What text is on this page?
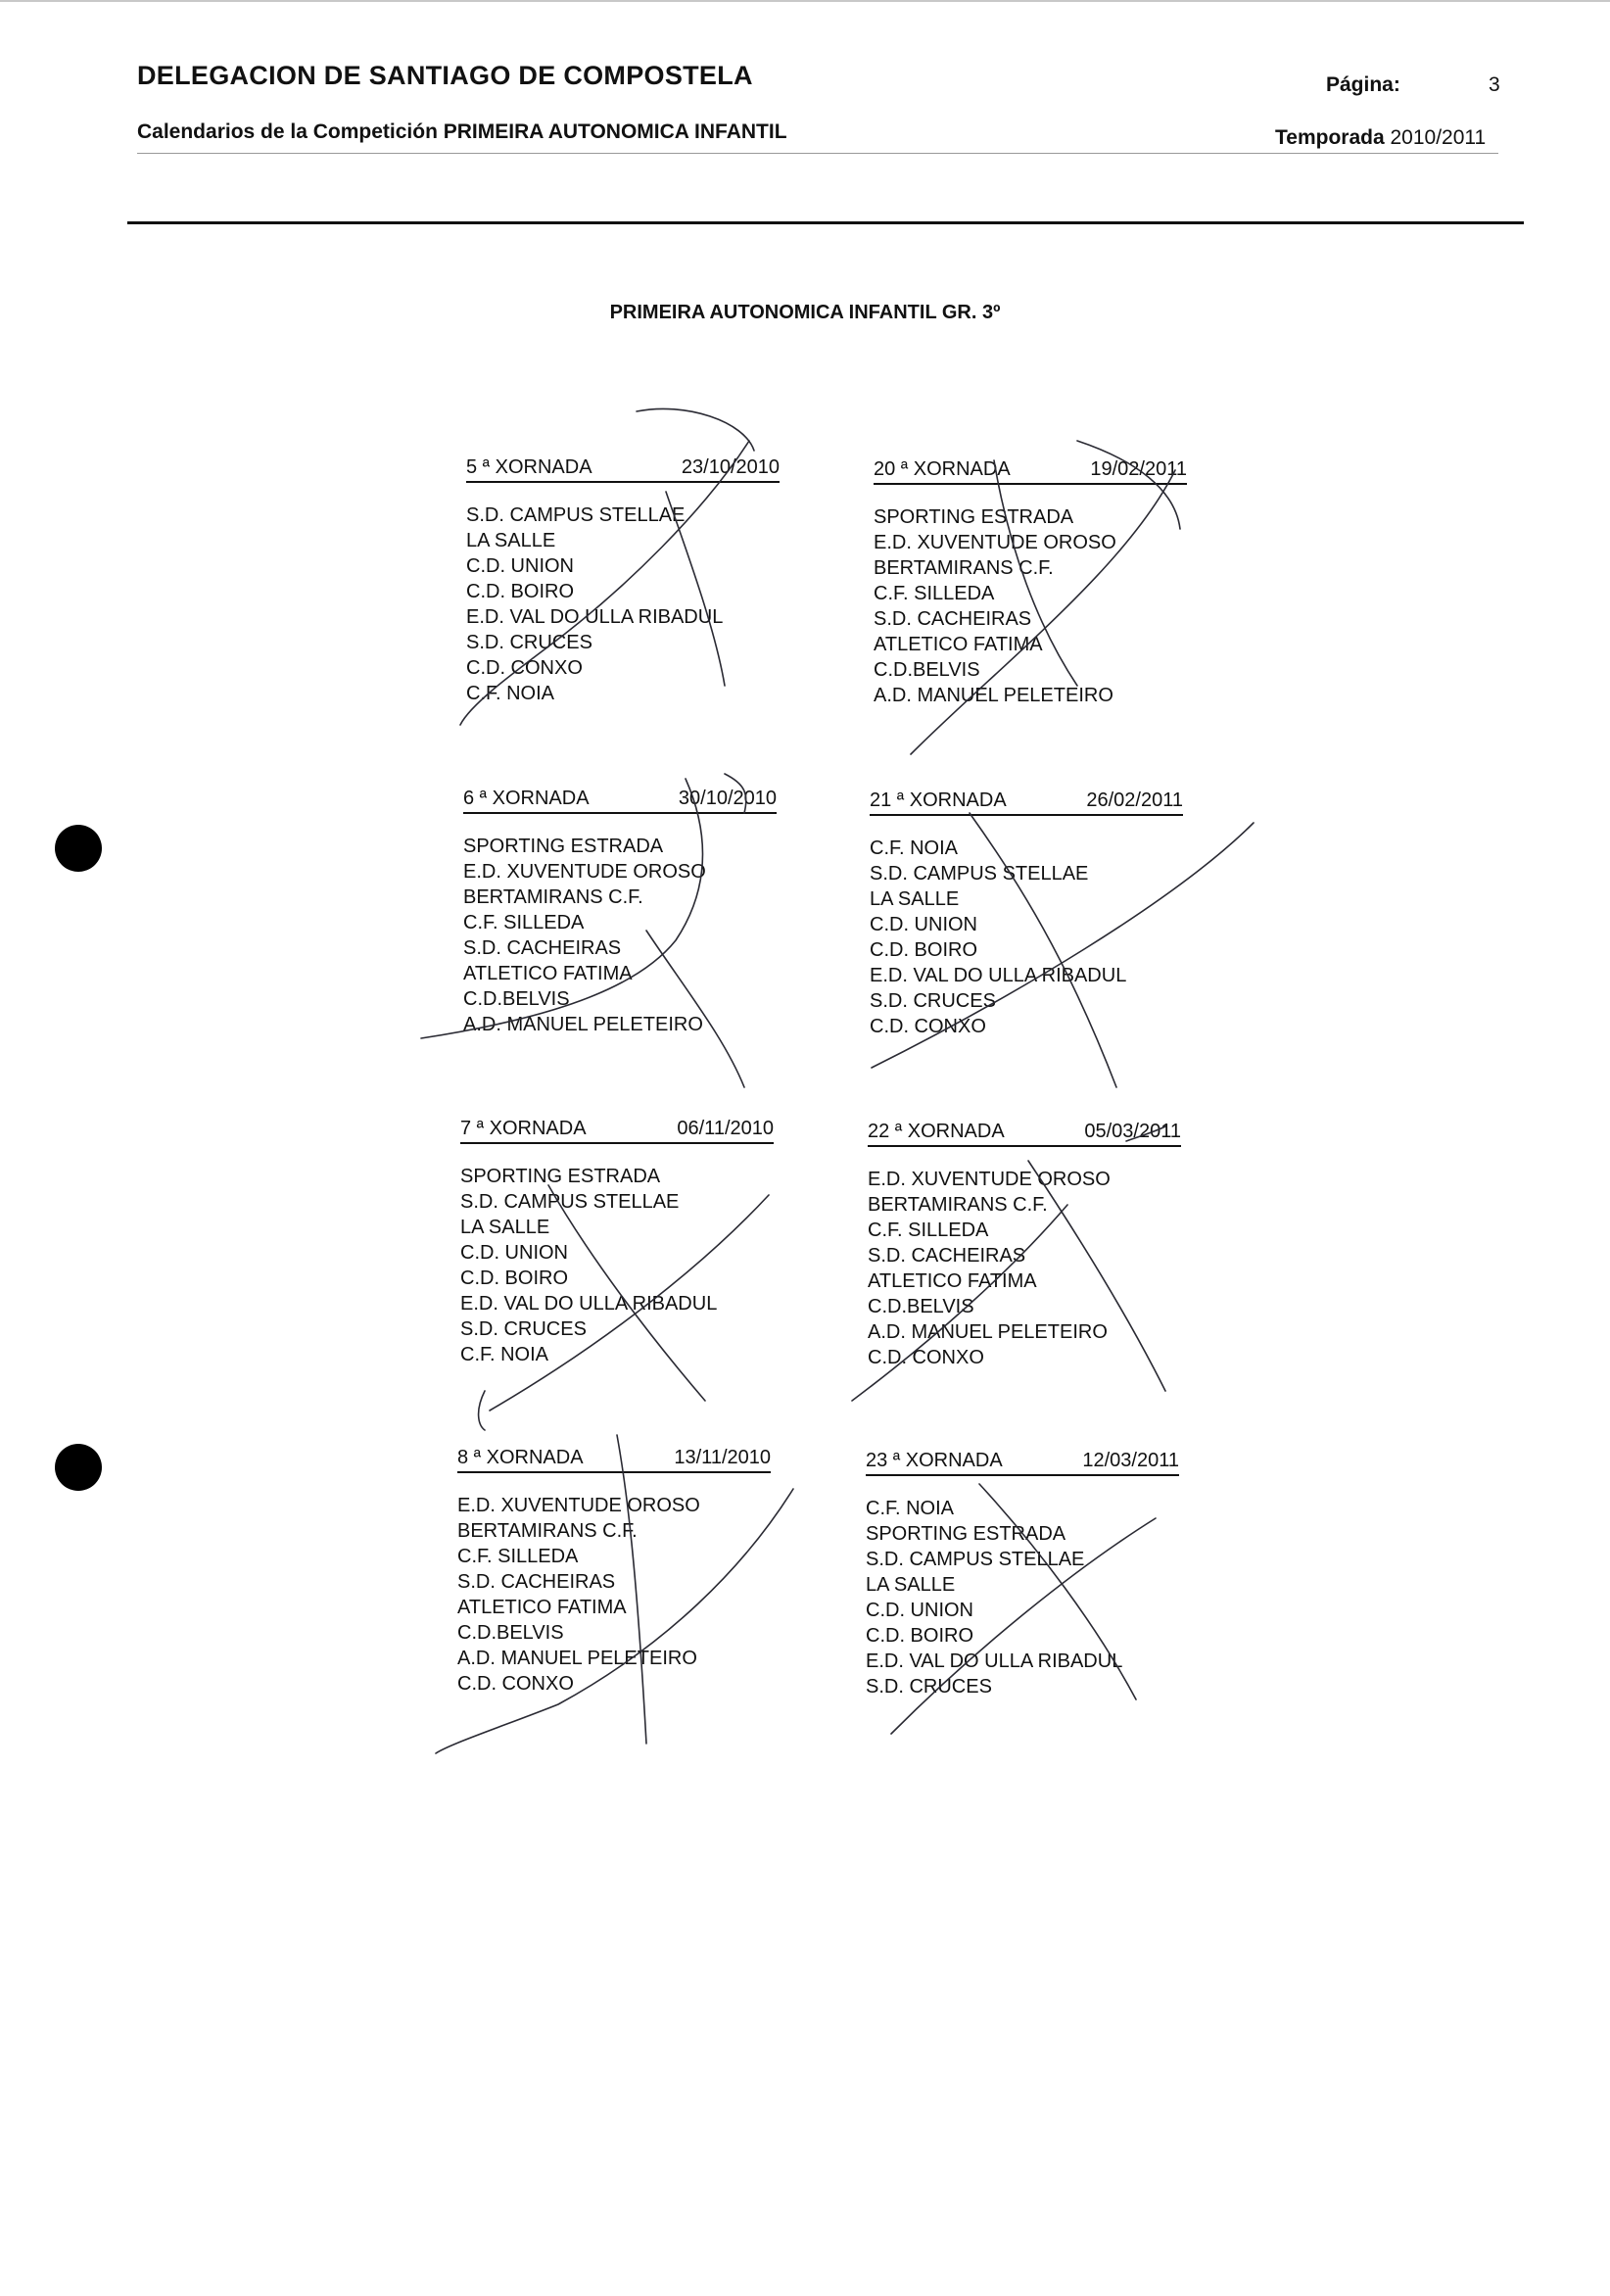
DELEGACION DE SANTIAGO DE COMPOSTELA	Página:	3
Calendarios de la Competición PRIMEIRA AUTONOMICA INFANTIL	Temporada 2010/2011
PRIMEIRA AUTONOMICA INFANTIL GR. 3º
5 ª XORNADA	23/10/2010
S.D. CAMPUS STELLAE
LA SALLE
C.D. UNION
C.D. BOIRO
E.D. VAL DO ULLA RIBADUL
S.D. CRUCES
C.D. CONXO
C.F. NOIA
20 ª XORNADA	19/02/2011
SPORTING ESTRADA
E.D. XUVENTUDE OROSO
BERTAMIRANS C.F.
C.F. SILLEDA
S.D. CACHEIRAS
ATLETICO FATIMA
C.D.BELVIS
A.D. MANUEL PELETEIRO
6 ª XORNADA	30/10/2010
SPORTING ESTRADA
E.D. XUVENTUDE OROSO
BERTAMIRANS C.F.
C.F. SILLEDA
S.D. CACHEIRAS
ATLETICO FATIMA
C.D.BELVIS
A.D. MANUEL PELETEIRO
21 ª XORNADA	26/02/2011
C.F. NOIA
S.D. CAMPUS STELLAE
LA SALLE
C.D. UNION
C.D. BOIRO
E.D. VAL DO ULLA RIBADUL
S.D. CRUCES
C.D. CONXO
7 ª XORNADA	06/11/2010
SPORTING ESTRADA
S.D. CAMPUS STELLAE
LA SALLE
C.D. UNION
C.D. BOIRO
E.D. VAL DO ULLA RIBADUL
S.D. CRUCES
C.F. NOIA
22 ª XORNADA	05/03/2011
E.D. XUVENTUDE OROSO
BERTAMIRANS C.F.
C.F. SILLEDA
S.D. CACHEIRAS
ATLETICO FATIMA
C.D.BELVIS
A.D. MANUEL PELETEIRO
C.D. CONXO
8 ª XORNADA	13/11/2010
E.D. XUVENTUDE OROSO
BERTAMIRANS C.F.
C.F. SILLEDA
S.D. CACHEIRAS
ATLETICO FATIMA
C.D.BELVIS
A.D. MANUEL PELETEIRO
C.D. CONXO
23 ª XORNADA	12/03/2011
C.F. NOIA
SPORTING ESTRADA
S.D. CAMPUS STELLAE
LA SALLE
C.D. UNION
C.D. BOIRO
E.D. VAL DO ULLA RIBADUL
S.D. CRUCES
